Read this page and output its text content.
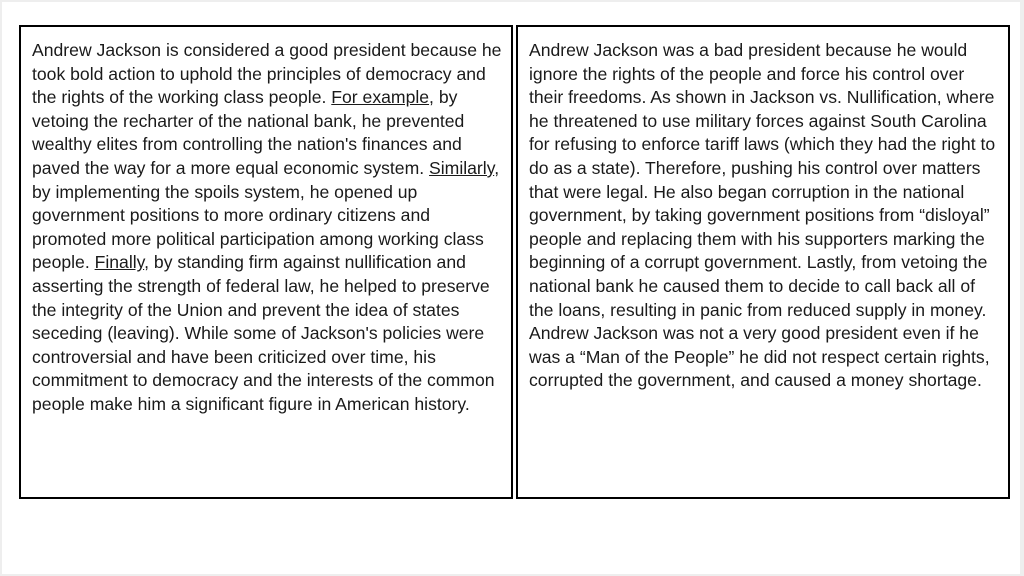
Andrew Jackson is considered a good president because he took bold action to uphold the principles of democracy and the rights of the working class people. For example, by vetoing the recharter of the national bank, he prevented wealthy elites from controlling the nation's finances and paved the way for a more equal economic system. Similarly, by implementing the spoils system, he opened up government positions to more ordinary citizens and promoted more political participation among working class people. Finally, by standing firm against nullification and asserting the strength of federal law, he helped to preserve the integrity of the Union and prevent the idea of states seceding (leaving). While some of Jackson's policies were controversial and have been criticized over time, his commitment to democracy and the interests of the common people make him a significant figure in American history.

Andrew Jackson was a bad president because he would ignore the rights of the people and force his control over their freedoms. As shown in Jackson vs. Nullification, where he threatened to use military forces against South Carolina for refusing to enforce tariff laws (which they had the right to do as a state). Therefore, pushing his control over matters that were legal. He also began corruption in the national government, by taking government positions from “disloyal” people and replacing them with his supporters marking the beginning of a corrupt government. Lastly, from vetoing the national bank he caused them to decide to call back all of the loans, resulting in panic from reduced supply in money. Andrew Jackson was not a very good president even if he was a “Man of the People” he did not respect certain rights, corrupted the government, and caused a money shortage.
